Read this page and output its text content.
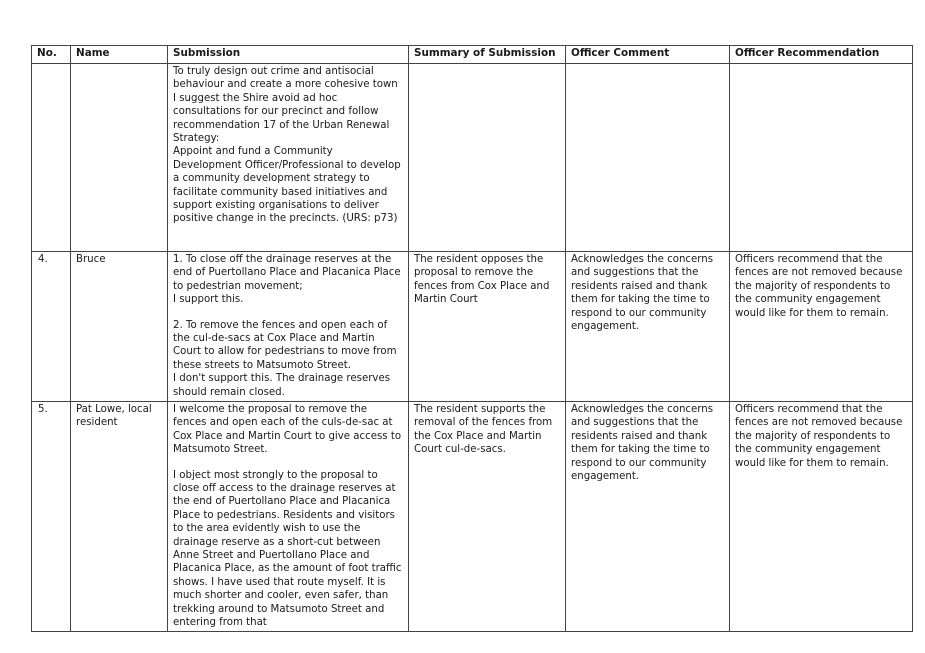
No.	Name	Submission	Summary of Submission	Officer Comment	Officer Recommendation

		To truly design out crime and antisocial behaviour and create a more cohesive town I suggest the Shire avoid ad hoc consultations for our precinct and follow recommendation 17 of the Urban Renewal Strategy:
Appoint and fund a Community Development Officer/Professional to develop a community development strategy to facilitate community based initiatives and support existing organisations to deliver positive change in the precincts. (URS: p73)			

4.	Bruce	1. To close off the drainage reserves at the end of Puertollano Place and Placanica Place to pedestrian movement;
I support this.
2. To remove the fences and open each of the cul-de-sacs at Cox Place and Martin Court to allow for pedestrians to move from these streets to Matsumoto Street.
I don't support this. The drainage reserves should remain closed.	The resident opposes the proposal to remove the fences from Cox Place and Martin Court	Acknowledges the concerns and suggestions that the residents raised and thank them for taking the time to respond to our community engagement.	Officers recommend that the fences are not removed because the majority of respondents to the community engagement would like for them to remain.
5.	Pat Lowe, local resident	I welcome the proposal to remove the fences and open each of the culs-de-sac at Cox Place and Martin Court to give access to Matsumoto Street.
I object most strongly to the proposal to close off access to the drainage reserves at the end of Puertollano Place and Placanica Place to pedestrians. Residents and visitors to the area evidently wish to use the drainage reserve as a short-cut between Anne Street and Puertollano Place and Placanica Place, as the amount of foot traffic shows. I have used that route myself. It is much shorter and cooler, even safer, than trekking around to Matsumoto Street and entering from that	The resident supports the removal of the fences from the Cox Place and Martin Court cul-de-sacs.	Acknowledges the concerns and suggestions that the residents raised and thank them for taking the time to respond to our community engagement.	Officers recommend that the fences are not removed because the majority of respondents to the community engagement would like for them to remain.
